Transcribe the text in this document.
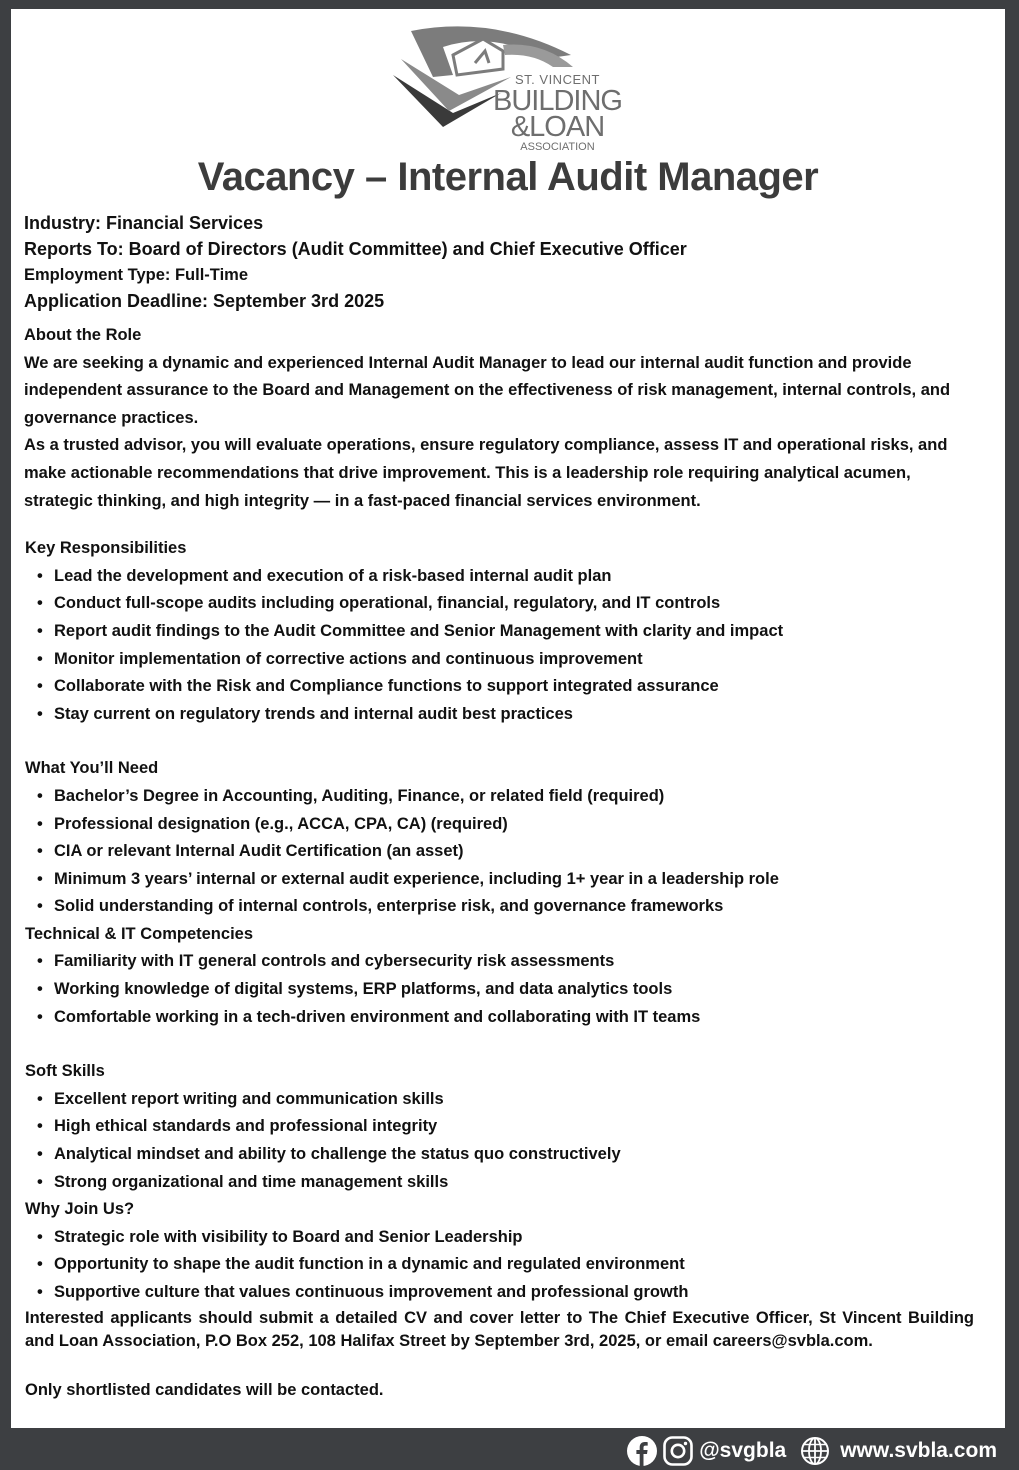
ST. VINCENT
BUILDING
&LOAN
ASSOCIATION
Vacancy – Internal Audit Manager
Industry: Financial Services
Reports To: Board of Directors (Audit Committee) and Chief Executive Officer
Employment Type: Full-Time
Application Deadline: September 3rd 2025
About the Role

We are seeking a dynamic and experienced Internal Audit Manager to lead our internal audit function and provide independent assurance to the Board and Management on the effectiveness of risk management, internal controls, and governance practices.

As a trusted advisor, you will evaluate operations, ensure regulatory compliance, assess IT and operational risks, and make actionable recommendations that drive improvement. This is a leadership role requiring analytical acumen, strategic thinking, and high integrity — in a fast-paced financial services environment.

Key Responsibilities
• Lead the development and execution of a risk-based internal audit plan
• Conduct full-scope audits including operational, financial, regulatory, and IT controls
• Report audit findings to the Audit Committee and Senior Management with clarity and impact
• Monitor implementation of corrective actions and continuous improvement
• Collaborate with the Risk and Compliance functions to support integrated assurance
• Stay current on regulatory trends and internal audit best practices
What You’ll Need
• Bachelor’s Degree in Accounting, Auditing, Finance, or related field (required)
• Professional designation (e.g., ACCA, CPA, CA) (required)
• CIA or relevant Internal Audit Certification (an asset)
• Minimum 3 years’ internal or external audit experience, including 1+ year in a leadership role
• Solid understanding of internal controls, enterprise risk, and governance frameworks
Technical & IT Competencies
• Familiarity with IT general controls and cybersecurity risk assessments
• Working knowledge of digital systems, ERP platforms, and data analytics tools
• Comfortable working in a tech-driven environment and collaborating with IT teams
Soft Skills
• Excellent report writing and communication skills
• High ethical standards and professional integrity
• Analytical mindset and ability to challenge the status quo constructively
• Strong organizational and time management skills
Why Join Us?
• Strategic role with visibility to Board and Senior Leadership
• Opportunity to shape the audit function in a dynamic and regulated environment
• Supportive culture that values continuous improvement and professional growth

Interested applicants should submit a detailed CV and cover letter to The Chief Executive Officer, St Vincent Building and Loan Association, P.O Box 252, 108 Halifax Street by September 3rd, 2025, or email careers@svbla.com.

Only shortlisted candidates will be contacted.

@svgbla	www.svbla.com
